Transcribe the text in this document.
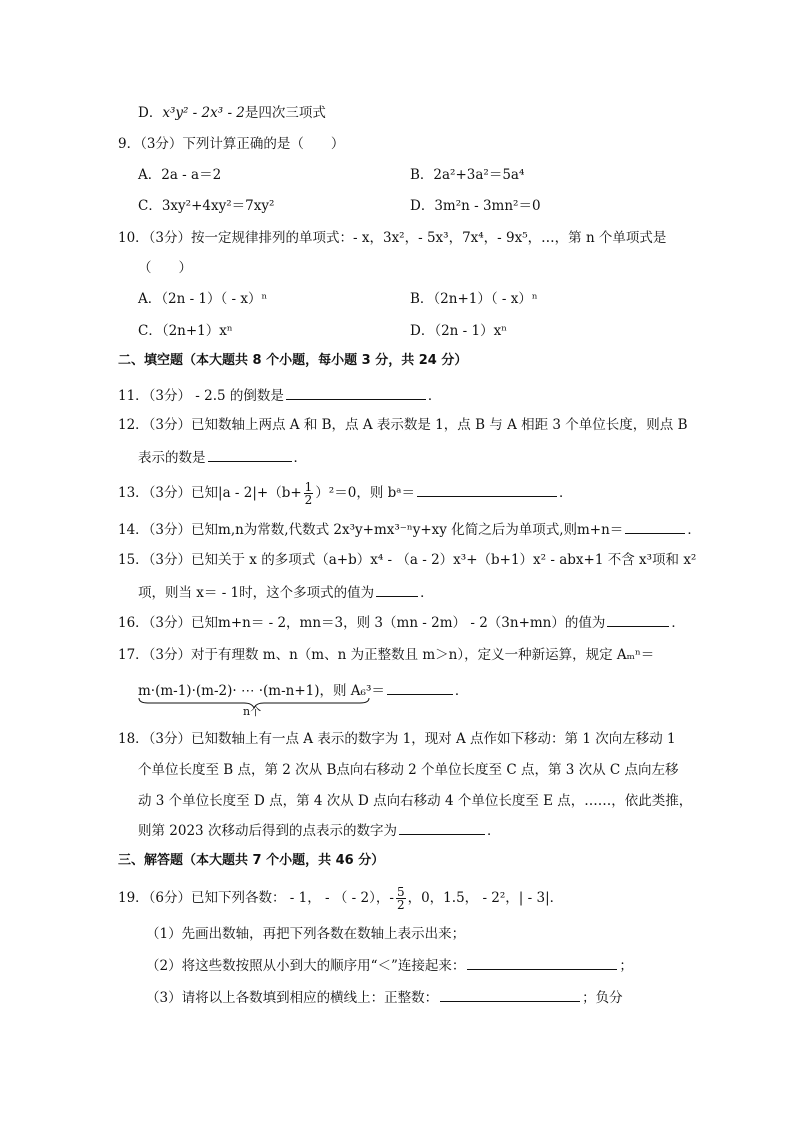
D．x³y² - 2x³ - 2是四次三项式
9．（3分）下列计算正确的是（　　）
A．2a - a＝2	B．2a²+3a²＝5a⁴
C．3xy²+4xy²＝7xy²	D．3m²n - 3mn²＝0
10．（3分）按一定规律排列的单项式：- x，3x²，- 5x³，7x⁴，- 9x⁵，…，第 n 个单项式是
（　　）
A．（2n - 1）（ - x）ⁿ	B．（2n+1）（ - x）ⁿ
C．（2n+1）xⁿ	D．（2n - 1）xⁿ
二、填空题（本大题共 8 个小题，每小题 3 分，共 24 分）
11．（3分） - 2.5 的倒数是	．
12．（3分）已知数轴上两点 A 和 B，点 A 表示数是 1，点 B 与 A 相距 3 个单位长度，则点 B
表示的数是	．
13．（3分）已知$|a - 2|+(b+ \frac{1}{2} )^2=0$，则 bᵃ＝	．
14．（3分）已知m,n为常数,代数式 2x³y+mx³⁻ⁿy+xy 化简之后为单项式,则m+n＝	．
15．（3分）已知关于 x 的多项式（a+b）x⁴ - （a - 2）x³+（b+1）x² - abx+1 不含 x³项和 x²
项，则当 x＝ - 1时，这个多项式的值为	．
16．（3分）已知m+n＝ - 2，mn＝3，则 3（mn - 2m） - 2（3n+mn）的值为	．
17．（3分）对于有理数 m、n（m、n 为正整数且 m＞n），定义一种新运算，规定 Aₘⁿ＝
m·(m-1)·(m-2)· ⋯ ·(m-n+1)，则 A₆³＝	．
n个
18．（3分）已知数轴上有一点 A 表示的数字为 1，现对 A 点作如下移动：第 1 次向左移动 1
个单位长度至 B 点，第 2 次从 B点向右移动 2 个单位长度至 C 点，第 3 次从 C 点向左移
动 3 个单位长度至 D 点，第 4 次从 D 点向右移动 4 个单位长度至 E 点，……，依此类推，
则第 2023 次移动后得到的点表示的数字为	．
三、解答题（本大题共 7 个小题，共 46 分）
19．（6分）已知下列各数： - 1， - （ - 2），- $\frac{5}{2}$ ，0，1.5， - 2²，| - 3|．
（1）先画出数轴，再把下列各数在数轴上表示出来；
（2）将这些数按照从小到大的顺序用“＜”连接起来：	；
（3）请将以上各数填到相应的横线上：正整数：	；负分
